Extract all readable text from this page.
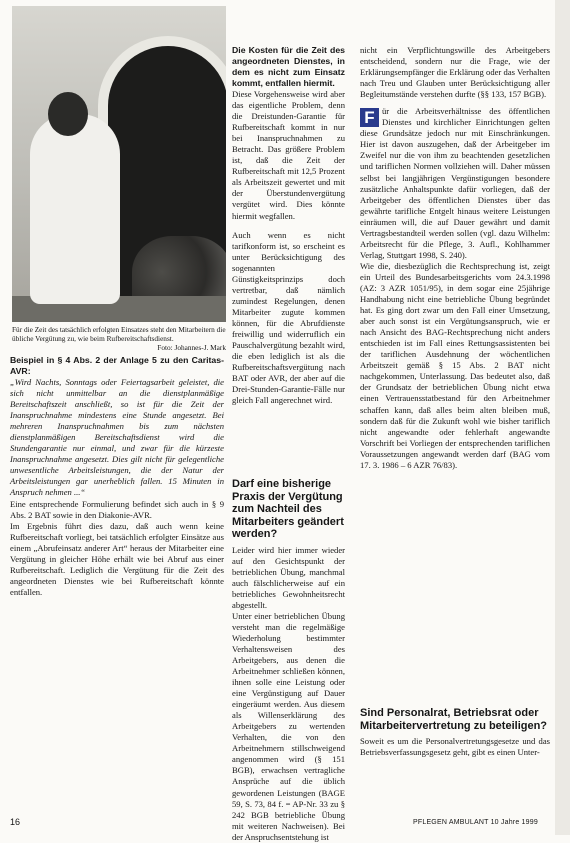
Für die Zeit des tatsächlich erfolgten Einsatzes steht den Mitarbeitern die übliche Vergütung zu, wie beim Rufbereitschaftsdienst.
Foto: Johannes-J. Mark

Beispiel in § 4 Abs. 2 der Anlage 5 zu den Caritas-AVR:

„Wird Nachts, Sonntags oder Feiertagsarbeit geleistet, die sich nicht unmittelbar an die dienstplanmäßige Bereitschaftszeit anschließt, so ist für die Zeit der Inanspruchnahme mindestens eine Stunde angesetzt. Bei mehreren Inanspruchnahmen bis zum nächsten dienstplanmäßigen Bereitschaftsdienst wird die Stundengarantie nur einmal, und zwar für die kürzeste Inanspruchnahme angesetzt. Dies gilt nicht für gelegentliche unwesentliche Arbeitsleistungen, die der Natur der Arbeitsleistungen gar unerheblich fallen. 15 Minuten in Anspruch nehmen ...“

Eine entsprechende Formulierung befindet sich auch in § 9 Abs. 2 BAT sowie in den Diakonie-AVR.

Im Ergebnis führt dies dazu, daß auch wenn keine Rufbereitschaft vorliegt, bei tatsächlich erfolgter Einsätze aus einem „Abrufeinsatz anderer Art“ heraus der Mitarbeiter eine Vergütung in gleicher Höhe erhält wie bei Abruf aus einer Rufbereitschaft. Lediglich die Vergütung für die Zeit des angeordneten Dienstes wie bei Rufbereitschaft könnte entfallen.

Die Kosten für die Zeit des angeordneten Dienstes, in dem es nicht zum Einsatz kommt, entfallen hiermit.

Diese Vorgehensweise wird aber das eigentliche Problem, denn die Dreistunden-Garantie für Rufbereitschaft kommt in nur bei Inanspruchnahmen zu Betracht. Das größere Problem ist, daß die Zeit der Rufbereitschaft mit 12,5 Prozent als Arbeitszeit gewertet und mit der Überstundenvergütung vergütet wird. Dies könnte hiermit wegfallen.

Auch wenn es nicht tarifkonform ist, so erscheint es unter Berücksichtigung des sogenannten Günstigkeitsprinzips doch vertretbar, daß nämlich zumindest Regelungen, denen Mitarbeiter zugute kommen können, für die Abrufdienste freiwillig und widerruflich ein Pauschalvergütung bezahlt wird, die eben lediglich ist als die Rufbereitschaftsvergütung nach BAT oder AVR, der aber auf die Drei-Stunden-Garantie-Fälle nur gleich Fall angerechnet wird.

Darf eine bisherige Praxis der Vergütung zum Nachteil des Mitarbeiters geändert werden?

Leider wird hier immer wieder auf den Gesichtspunkt der betrieblichen Übung, manchmal auch fälschlicherweise auf ein betriebliches Gewohnheitsrecht abgestellt.

Unter einer betrieblichen Übung versteht man die regelmäßige Wiederholung bestimmter Verhaltensweisen des Arbeitgebers, aus denen die Arbeitnehmer schließen können, ihnen solle eine Leistung oder eine Vergünstigung auf Dauer eingeräumt werden. Aus diesem als Willenserklärung des Arbeitgebers zu wertenden Verhalten, die von den Arbeitnehmern stillschweigend angenommen wird (§ 151 BGB), erwachsen vertragliche Ansprüche auf die üblich gewordenen Leistungen (BAGE 59, S. 73, 84 f. = AP-Nr. 33 zu § 242 BGB betriebliche Übung mit weiteren Nachweisen). Bei der Anspruchsentstehung ist

nicht ein Verpflichtungswille des Arbeitgebers entscheidend, sondern nur die Frage, wie der Erklärungsempfänger die Erklärung oder das Verhalten nach Treu und Glauben unter Berücksichtigung aller Begleitumstände verstehen durfte (§§ 133, 157 BGB).

F ür die Arbeitsverhältnisse des öffentlichen Dienstes und kirchlicher Einrichtungen gelten diese Grundsätze jedoch nur mit Einschränkungen. Hier ist davon auszugehen, daß der Arbeitgeber im Zweifel nur die von ihm zu beachtenden gesetzlichen und tariflichen Normen vollziehen will. Daher müssen selbst bei langjährigen Vergünstigungen besondere zusätzliche Anhaltspunkte dafür vorliegen, daß der Arbeitgeber des öffentlichen Dienstes über das gewährte tarifliche Entgelt hinaus weitere Leistungen einräumen will, die auf Dauer gewährt und damit Vertragsbestandteil werden sollen (vgl. dazu Wilhelm: Arbeitsrecht für die Pflege, 3. Aufl., Kohlhammer Verlag, Stuttgart 1998, S. 240).

Wie die, diesbezüglich die Rechtsprechung ist, zeigt ein Urteil des Bundesarbeitsgerichts vom 24.3.1998 (AZ: 3 AZR 1051/95), in dem sogar eine 25jährige Handhabung nicht eine betriebliche Übung begründet hat. Es ging dort zwar um den Fall einer Umsetzung, aber auch sonst ist ein Vergütungsanspruch, wie er nach Ansicht des BAG-Rechtsprechung nicht anders entschieden ist im Fall eines Rettungsassistenten bei der tariflichen Ausdehnung der wöchentlichen Arbeitszeit gemäß § 15 Abs. 2 BAT nicht nachgekommen, Unterlassung. Das bedeutet also, daß der Grundsatz der betrieblichen Übung nicht etwa einen Vertrauensstatbestand für den Arbeitnehmer schaffen kann, daß alles beim alten bleiben muß, sondern daß für die Zukunft wohl wie bisher tariflich nicht angewandte oder fehlerhaft angewandte Vorschrift bei Vorliegen der entsprechenden tariflichen Voraussetzungen angewandt werden darf (BAG vom 17. 3. 1986 – 6 AZR 76/83).

Sind Personalrat, Betriebsrat oder Mitarbeitervertretung zu beteiligen?

Soweit es um die Personalvertretungsgesetze und das Betriebsverfassungsgesetz geht, gibt es einen Unter-

16	PFLEGEN AMBULANT 10 Jahre 1999
